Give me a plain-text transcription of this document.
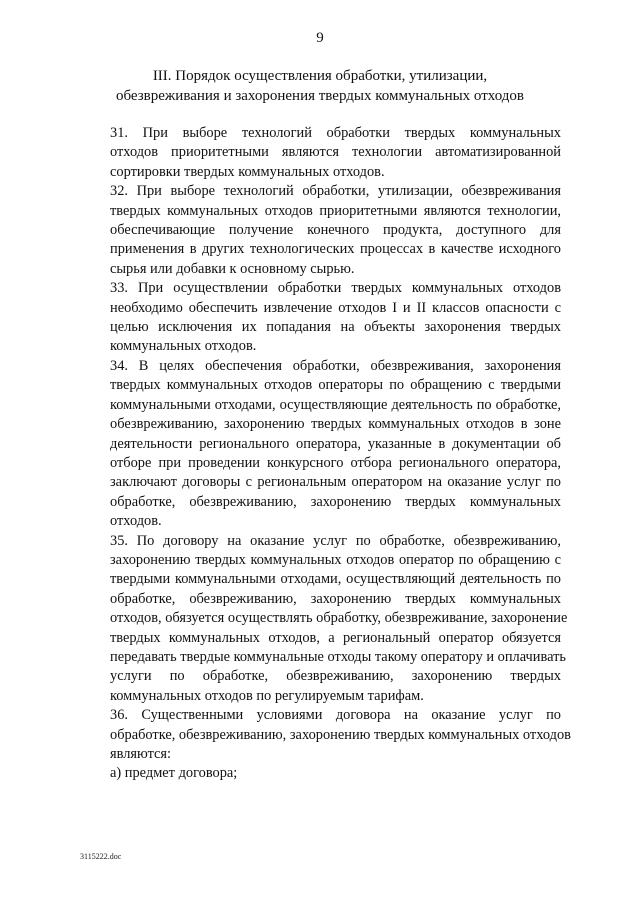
9
III. Порядок осуществления обработки, утилизации,
обезвреживания и захоронения твердых коммунальных отходов
31. При выборе технологий обработки твердых коммунальных
отходов приоритетными являются технологии автоматизированной
сортировки твердых коммунальных отходов.
32. При выборе технологий обработки, утилизации, обезвреживания
твердых коммунальных отходов приоритетными являются технологии,
обеспечивающие получение конечного продукта, доступного для
применения в других технологических процессах в качестве исходного
сырья или добавки к основному сырью.
33. При осуществлении обработки твердых коммунальных отходов
необходимо обеспечить извлечение отходов I и II классов опасности с
целью исключения их попадания на объекты захоронения твердых
коммунальных отходов.
34. В целях обеспечения обработки, обезвреживания, захоронения
твердых коммунальных отходов операторы по обращению с твердыми
коммунальными отходами, осуществляющие деятельность по обработке,
обезвреживанию, захоронению твердых коммунальных отходов в зоне
деятельности регионального оператора, указанные в документации об
отборе при проведении конкурсного отбора регионального оператора,
заключают договоры с региональным оператором на оказание услуг по
обработке, обезвреживанию, захоронению твердых коммунальных
отходов.
35. По договору на оказание услуг по обработке, обезвреживанию,
захоронению твердых коммунальных отходов оператор по обращению с
твердыми коммунальными отходами, осуществляющий деятельность по
обработке, обезвреживанию, захоронению твердых коммунальных
отходов, обязуется осуществлять обработку, обезвреживание, захоронение
твердых коммунальных отходов, а региональный оператор обязуется
передавать твердые коммунальные отходы такому оператору и оплачивать
услуги по обработке, обезвреживанию, захоронению твердых
коммунальных отходов по регулируемым тарифам.
36. Существенными условиями договора на оказание услуг по
обработке, обезвреживанию, захоронению твердых коммунальных отходов
являются:
а) предмет договора;
3115222.doc
